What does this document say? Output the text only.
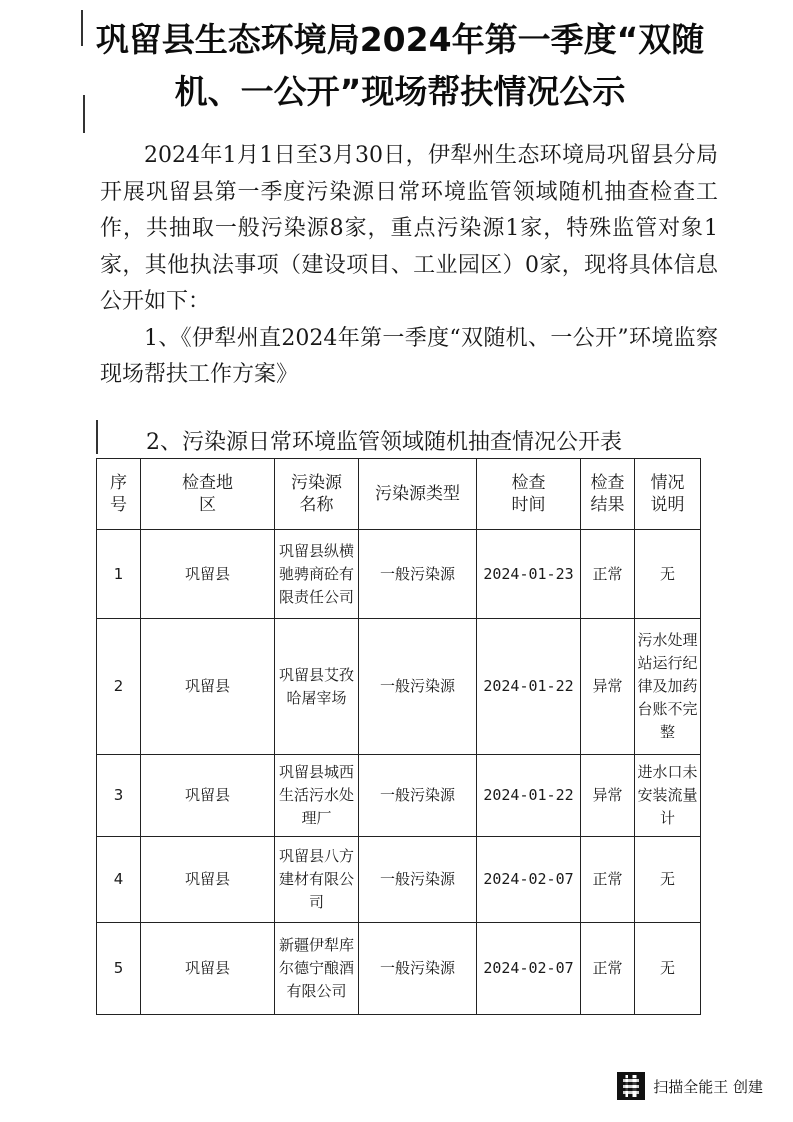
巩留县生态环境局2024年第一季度“双随
机、一公开”现场帮扶情况公示

2024年1月1日至3月30日，伊犁州生态环境局巩留县分局开展巩留县第一季度污染源日常环境监管领域随机抽查检查工作，共抽取一般污染源8家，重点污染源1家，特殊监管对象1家，其他执法事项（建设项目、工业园区）0家，现将具体信息公开如下：

1、《伊犁州直2024年第一季度“双随机、一公开”环境监察现场帮扶工作方案》

2、污染源日常环境监管领域随机抽查情况公开表
序号	检查地区	污染源名称	污染源类型	检查时间	检查结果	情况说明
1	巩留县	巩留县纵横驰骋商砼有限责任公司	一般污染源	2024-01-23	正常	无
2	巩留县	巩留县艾孜哈屠宰场	一般污染源	2024-01-22	异常	污水处理站运行纪律及加药台账不完整
3	巩留县	巩留县城西生活污水处理厂	一般污染源	2024-01-22	异常	进水口未安装流量计
4	巩留县	巩留县八方建材有限公司	一般污染源	2024-02-07	正常	无
5	巩留县	新疆伊犁库尔德宁酿酒有限公司	一般污染源	2024-02-07	正常	无
扫描全能王 创建
